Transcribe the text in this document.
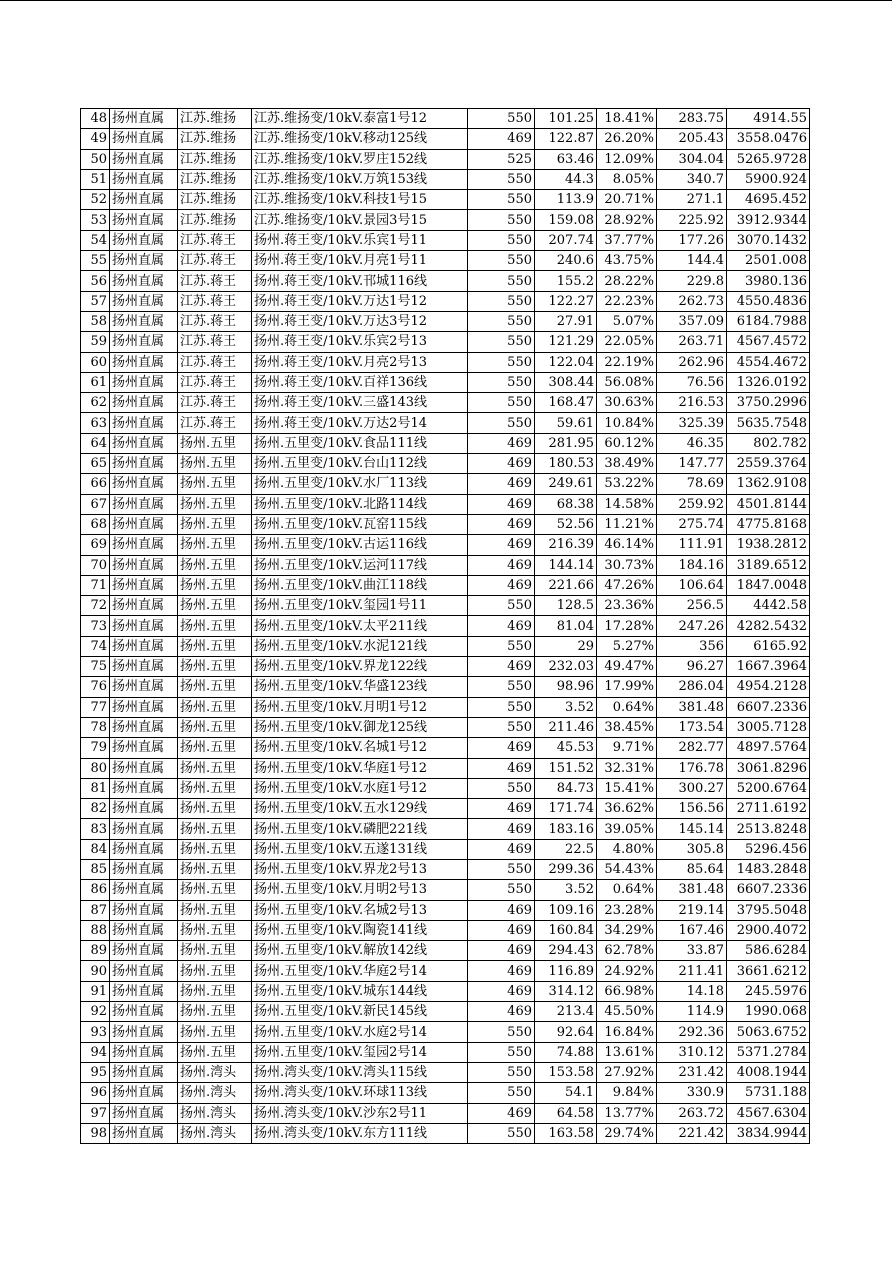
48	扬州直属	江苏.维扬	江苏.维扬变/10kV.泰富1号12	550	101.25	18.41%	283.75	4914.55
49	扬州直属	江苏.维扬	江苏.维扬变/10kV.移动125线	469	122.87	26.20%	205.43	3558.0476
50	扬州直属	江苏.维扬	江苏.维扬变/10kV.罗庄152线	525	63.46	12.09%	304.04	5265.9728
51	扬州直属	江苏.维扬	江苏.维扬变/10kV.万筑153线	550	44.3	8.05%	340.7	5900.924
52	扬州直属	江苏.维扬	江苏.维扬变/10kV.科技1号15	550	113.9	20.71%	271.1	4695.452
53	扬州直属	江苏.维扬	江苏.维扬变/10kV.景园3号15	550	159.08	28.92%	225.92	3912.9344
54	扬州直属	江苏.蒋王	扬州.蒋王变/10kV.乐宾1号11	550	207.74	37.77%	177.26	3070.1432
55	扬州直属	江苏.蒋王	扬州.蒋王变/10kV.月亮1号11	550	240.6	43.75%	144.4	2501.008
56	扬州直属	江苏.蒋王	扬州.蒋王变/10kV.邗城116线	550	155.2	28.22%	229.8	3980.136
57	扬州直属	江苏.蒋王	扬州.蒋王变/10kV.万达1号12	550	122.27	22.23%	262.73	4550.4836
58	扬州直属	江苏.蒋王	扬州.蒋王变/10kV.万达3号12	550	27.91	5.07%	357.09	6184.7988
59	扬州直属	江苏.蒋王	扬州.蒋王变/10kV.乐宾2号13	550	121.29	22.05%	263.71	4567.4572
60	扬州直属	江苏.蒋王	扬州.蒋王变/10kV.月亮2号13	550	122.04	22.19%	262.96	4554.4672
61	扬州直属	江苏.蒋王	扬州.蒋王变/10kV.百祥136线	550	308.44	56.08%	76.56	1326.0192
62	扬州直属	江苏.蒋王	扬州.蒋王变/10kV.三盛143线	550	168.47	30.63%	216.53	3750.2996
63	扬州直属	江苏.蒋王	扬州.蒋王变/10kV.万达2号14	550	59.61	10.84%	325.39	5635.7548
64	扬州直属	扬州.五里	扬州.五里变/10kV.食品111线	469	281.95	60.12%	46.35	802.782
65	扬州直属	扬州.五里	扬州.五里变/10kV.台山112线	469	180.53	38.49%	147.77	2559.3764
66	扬州直属	扬州.五里	扬州.五里变/10kV.水厂113线	469	249.61	53.22%	78.69	1362.9108
67	扬州直属	扬州.五里	扬州.五里变/10kV.北路114线	469	68.38	14.58%	259.92	4501.8144
68	扬州直属	扬州.五里	扬州.五里变/10kV.瓦窑115线	469	52.56	11.21%	275.74	4775.8168
69	扬州直属	扬州.五里	扬州.五里变/10kV.古运116线	469	216.39	46.14%	111.91	1938.2812
70	扬州直属	扬州.五里	扬州.五里变/10kV.运河117线	469	144.14	30.73%	184.16	3189.6512
71	扬州直属	扬州.五里	扬州.五里变/10kV.曲江118线	469	221.66	47.26%	106.64	1847.0048
72	扬州直属	扬州.五里	扬州.五里变/10kV.玺园1号11	550	128.5	23.36%	256.5	4442.58
73	扬州直属	扬州.五里	扬州.五里变/10kV.太平211线	469	81.04	17.28%	247.26	4282.5432
74	扬州直属	扬州.五里	扬州.五里变/10kV.水泥121线	550	29	5.27%	356	6165.92
75	扬州直属	扬州.五里	扬州.五里变/10kV.界龙122线	469	232.03	49.47%	96.27	1667.3964
76	扬州直属	扬州.五里	扬州.五里变/10kV.华盛123线	550	98.96	17.99%	286.04	4954.2128
77	扬州直属	扬州.五里	扬州.五里变/10kV.月明1号12	550	3.52	0.64%	381.48	6607.2336
78	扬州直属	扬州.五里	扬州.五里变/10kV.御龙125线	550	211.46	38.45%	173.54	3005.7128
79	扬州直属	扬州.五里	扬州.五里变/10kV.名城1号12	469	45.53	9.71%	282.77	4897.5764
80	扬州直属	扬州.五里	扬州.五里变/10kV.华庭1号12	469	151.52	32.31%	176.78	3061.8296
81	扬州直属	扬州.五里	扬州.五里变/10kV.水庭1号12	550	84.73	15.41%	300.27	5200.6764
82	扬州直属	扬州.五里	扬州.五里变/10kV.五水129线	469	171.74	36.62%	156.56	2711.6192
83	扬州直属	扬州.五里	扬州.五里变/10kV.磷肥221线	469	183.16	39.05%	145.14	2513.8248
84	扬州直属	扬州.五里	扬州.五里变/10kV.五遂131线	469	22.5	4.80%	305.8	5296.456
85	扬州直属	扬州.五里	扬州.五里变/10kV.界龙2号13	550	299.36	54.43%	85.64	1483.2848
86	扬州直属	扬州.五里	扬州.五里变/10kV.月明2号13	550	3.52	0.64%	381.48	6607.2336
87	扬州直属	扬州.五里	扬州.五里变/10kV.名城2号13	469	109.16	23.28%	219.14	3795.5048
88	扬州直属	扬州.五里	扬州.五里变/10kV.陶瓷141线	469	160.84	34.29%	167.46	2900.4072
89	扬州直属	扬州.五里	扬州.五里变/10kV.解放142线	469	294.43	62.78%	33.87	586.6284
90	扬州直属	扬州.五里	扬州.五里变/10kV.华庭2号14	469	116.89	24.92%	211.41	3661.6212
91	扬州直属	扬州.五里	扬州.五里变/10kV.城东144线	469	314.12	66.98%	14.18	245.5976
92	扬州直属	扬州.五里	扬州.五里变/10kV.新民145线	469	213.4	45.50%	114.9	1990.068
93	扬州直属	扬州.五里	扬州.五里变/10kV.水庭2号14	550	92.64	16.84%	292.36	5063.6752
94	扬州直属	扬州.五里	扬州.五里变/10kV.玺园2号14	550	74.88	13.61%	310.12	5371.2784
95	扬州直属	扬州.湾头	扬州.湾头变/10kV.湾头115线	550	153.58	27.92%	231.42	4008.1944
96	扬州直属	扬州.湾头	扬州.湾头变/10kV.环球113线	550	54.1	9.84%	330.9	5731.188
97	扬州直属	扬州.湾头	扬州.湾头变/10kV.沙东2号11	469	64.58	13.77%	263.72	4567.6304
98	扬州直属	扬州.湾头	扬州.湾头变/10kV.东方111线	550	163.58	29.74%	221.42	3834.9944
